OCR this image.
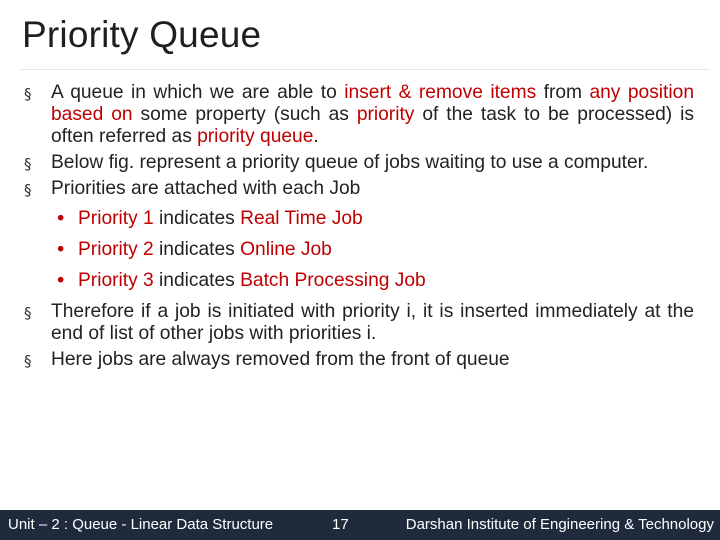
Priority Queue
§ A queue in which we are able to insert & remove items from any position based on some property (such as priority of the task to be processed) is often referred as priority queue.
§ Below fig. represent a priority queue of jobs waiting to use a computer.
§ Priorities are attached with each Job
• Priority 1 indicates Real Time Job
• Priority 2 indicates Online Job
• Priority 3 indicates Batch Processing Job
§ Therefore if a job is initiated with priority i, it is inserted immediately at the end of list of other jobs with priorities i.
§ Here jobs are always removed from the front of queue
Unit – 2 : Queue - Linear Data Structure	17	Darshan Institute of Engineering & Technology
